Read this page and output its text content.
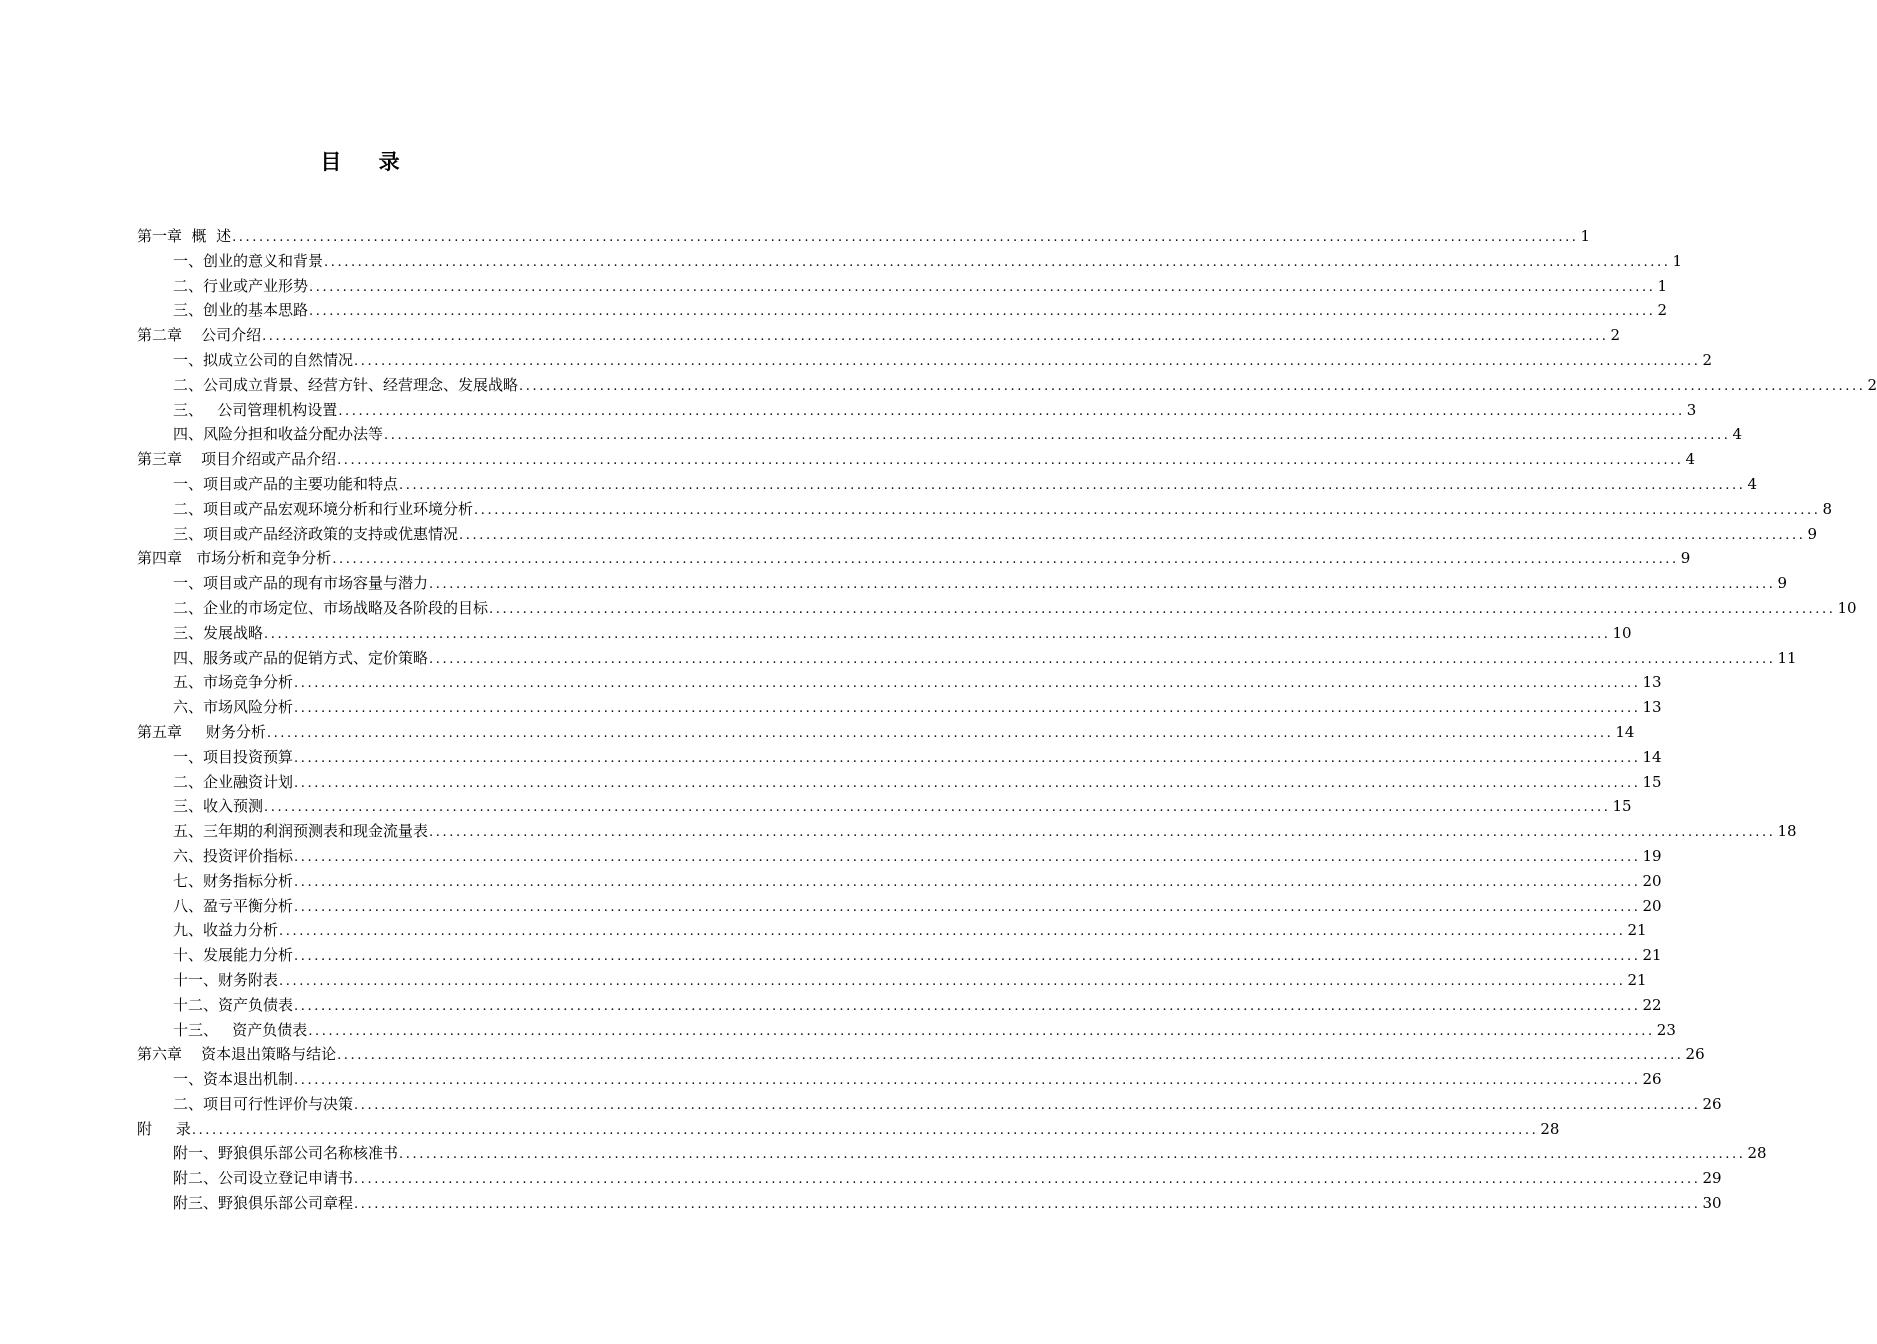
目 录
第一章  概  述 ........................................................................................................................................................................................................ 1
一、创业的意义和背景 ........................................................................................................................................................................................................ 1
二、行业或产业形势 ........................................................................................................................................................................................................ 1
三、创业的基本思路 ........................................................................................................................................................................................................ 2
第二章    公司介绍 ........................................................................................................................................................................................................ 2
一、拟成立公司的自然情况 ........................................................................................................................................................................................................ 2
二、公司成立背景、经营方针、经营理念、发展战略 ........................................................................................................................................................................................................ 2
三、   公司管理机构设置 ........................................................................................................................................................................................................ 3
四、风险分担和收益分配办法等 ........................................................................................................................................................................................................ 4
第三章    项目介绍或产品介绍 ........................................................................................................................................................................................................ 4
一、项目或产品的主要功能和特点 ........................................................................................................................................................................................................ 4
二、项目或产品宏观环境分析和行业环境分析 ........................................................................................................................................................................................................ 8
三、项目或产品经济政策的支持或优惠情况 ........................................................................................................................................................................................................ 9
第四章   市场分析和竞争分析 ........................................................................................................................................................................................................ 9
一、项目或产品的现有市场容量与潜力 ........................................................................................................................................................................................................ 9
二、企业的市场定位、市场战略及各阶段的目标 ........................................................................................................................................................................................................ 10
三、发展战略 ........................................................................................................................................................................................................ 10
四、服务或产品的促销方式、定价策略 ........................................................................................................................................................................................................ 11
五、市场竞争分析 ........................................................................................................................................................................................................ 13
六、市场风险分析 ........................................................................................................................................................................................................ 13
第五章     财务分析 ........................................................................................................................................................................................................ 14
一、项目投资预算 ........................................................................................................................................................................................................ 14
二、企业融资计划 ........................................................................................................................................................................................................ 15
三、收入预测 ........................................................................................................................................................................................................ 15
五、三年期的利润预测表和现金流量表 ........................................................................................................................................................................................................ 18
六、投资评价指标 ........................................................................................................................................................................................................ 19
七、财务指标分析 ........................................................................................................................................................................................................ 20
八、盈亏平衡分析 ........................................................................................................................................................................................................ 20
九、收益力分析 ........................................................................................................................................................................................................ 21
十、发展能力分析 ........................................................................................................................................................................................................ 21
十一、财务附表 ........................................................................................................................................................................................................ 21
十二、资产负债表 ........................................................................................................................................................................................................ 22
十三、   资产负债表 ........................................................................................................................................................................................................ 23
第六章    资本退出策略与结论 ........................................................................................................................................................................................................ 26
一、资本退出机制 ........................................................................................................................................................................................................ 26
二、项目可行性评价与决策 ........................................................................................................................................................................................................ 26
附     录 ........................................................................................................................................................................................................ 28
附一、野狼俱乐部公司名称核准书 ........................................................................................................................................................................................................ 28
附二、公司设立登记申请书 ........................................................................................................................................................................................................ 29
附三、野狼俱乐部公司章程 ........................................................................................................................................................................................................ 30
